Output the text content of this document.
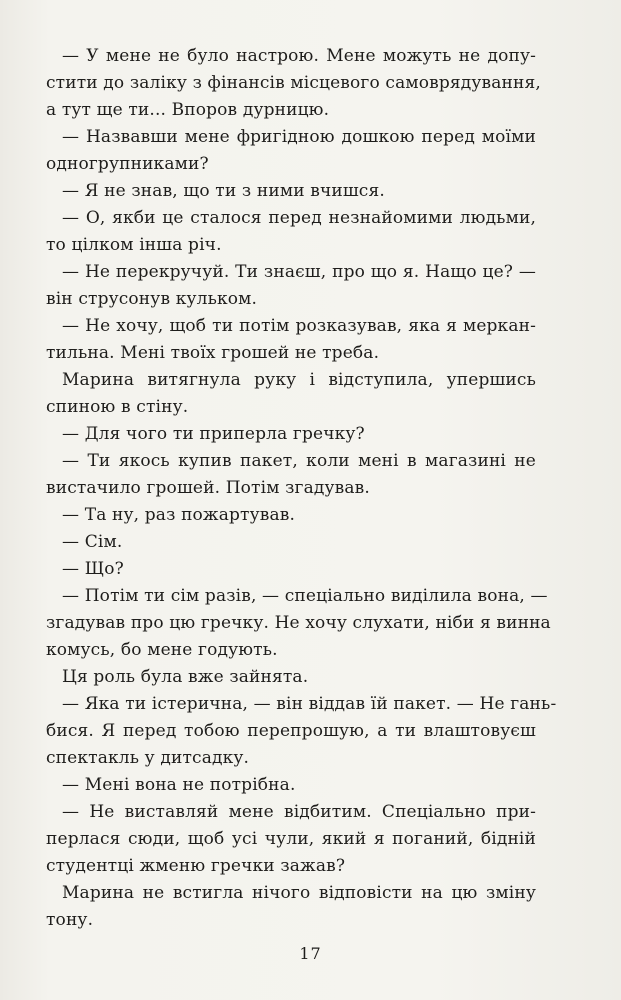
— У мене не було настрою. Мене можуть не допу-
стити до заліку з фінансів місцевого самоврядування,
а тут ще ти... Впоров дурницю.
— Назвавши мене фригідною дошкою перед моїми
одногрупниками?
— Я не знав, що ти з ними вчишся.
— О, якби це сталося перед незнайомими людьми,
то цілком інша річ.
— Не перекручуй. Ти знаєш, про що я. Нащо це? —
він струсонув кульком.
— Не хочу, щоб ти потім розказував, яка я меркан-
тильна. Мені твоїх грошей не треба.
Марина витягнула руку і відступила, упершись
спиною в стіну.
— Для чого ти приперла гречку?
— Ти якось купив пакет, коли мені в магазині не
вистачило грошей. Потім згадував.
— Та ну, раз пожартував.
— Сім.
— Що?
— Потім ти сім разів, — спеціально виділила вона, —
згадував про цю гречку. Не хочу слухати, ніби я винна
комусь, бо мене годують.
Ця роль була вже зайнята.
— Яка ти істерична, — він віддав їй пакет. — Не гань-
бися. Я перед тобою перепрошую, а ти влаштовуєш
спектакль у дитсадку.
— Мені вона не потрібна.
— Не виставляй мене відбитим. Спеціально при-
перлася сюди, щоб усі чули, який я поганий, бідній
студентці жменю гречки зажав?
Марина не встигла нічого відповісти на цю зміну
тону.
17
